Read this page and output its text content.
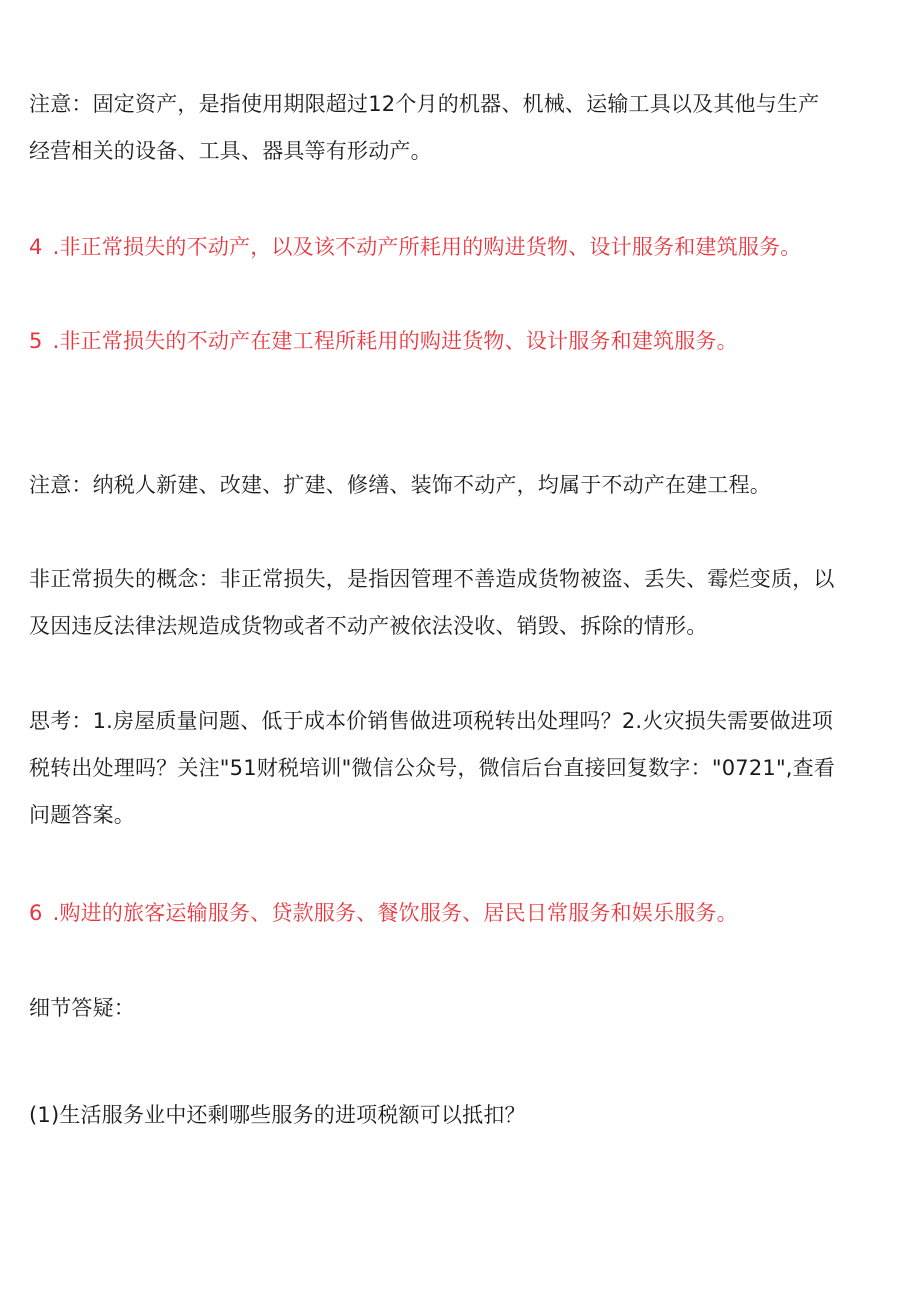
注意：固定资产，是指使用期限超过12个月的机器、机械、运输工具以及其他与生产
经营相关的设备、工具、器具等有形动产。

4 .非正常损失的不动产，以及该不动产所耗用的购进货物、设计服务和建筑服务。

5 .非正常损失的不动产在建工程所耗用的购进货物、设计服务和建筑服务。

注意：纳税人新建、改建、扩建、修缮、装饰不动产，均属于不动产在建工程。

非正常损失的概念：非正常损失，是指因管理不善造成货物被盗、丢失、霉烂变质，以
及因违反法律法规造成货物或者不动产被依法没收、销毁、拆除的情形。

思考：1.房屋质量问题、低于成本价销售做进项税转出处理吗？2.火灾损失需要做进项
税转出处理吗？关注"51财税培训"微信公众号，微信后台直接回复数字："0721",查看
问题答案。

6 .购进的旅客运输服务、贷款服务、餐饮服务、居民日常服务和娱乐服务。

细节答疑：

(1)生活服务业中还剩哪些服务的进项税额可以抵扣？
